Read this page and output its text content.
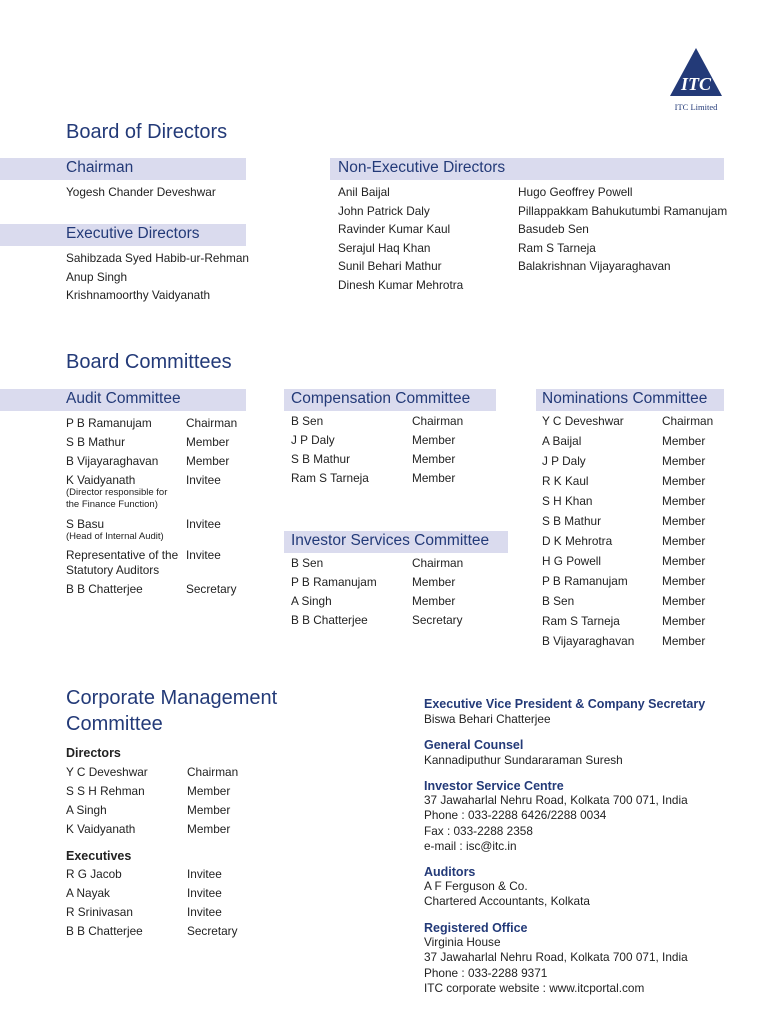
ITC
ITC Limited
Board of Directors
Chairman
Yogesh Chander Deveshwar
Executive Directors
Sahibzada Syed Habib-ur-Rehman
Anup Singh
Krishnamoorthy Vaidyanath
Non-Executive Directors
Anil Baijal
John Patrick Daly
Ravinder Kumar Kaul
Serajul Haq Khan
Sunil Behari Mathur
Dinesh Kumar Mehrotra
Hugo Geoffrey Powell
Pillappakkam Bahukutumbi Ramanujam
Basudeb Sen
Ram S Tarneja
Balakrishnan Vijayaraghavan
Board Committees
Audit Committee
P B Ramanujam	Chairman
S B Mathur	Member
B Vijayaraghavan Member
K Vaidyanath	Invitee
(Director responsible for
the Finance Function)
S Basu	Invitee
(Head of Internal Audit)
Representative of the
Statutory Auditors
Invitee
B B Chatterjee	Secretary
Compensation Committee
B Sen	Chairman
J P Daly	Member
S B Mathur	Member
Ram S Tarneja	Member
Investor Services Committee
B Sen	Chairman
P B Ramanujam	Member
A Singh	Member
B B Chatterjee	Secretary
Nominations Committee
Y C Deveshwar	Chairman
A Baijal	Member
J P Daly	Member
R K Kaul	Member
S H Khan	Member
S B Mathur	Member
D K Mehrotra	Member
H G Powell	Member
P B Ramanujam	Member
B Sen	Member
Ram S Tarneja	Member
B Vijayaraghavan	Member
Corporate Management
Committee
Directors
Y C Deveshwar	Chairman
S S H Rehman	Member
A Singh	Member
K Vaidyanath	Member
Executives
R G Jacob	Invitee
A Nayak	Invitee
R Srinivasan	Invitee
B B Chatterjee	Secretary
Executive Vice President & Company Secretary
Biswa Behari Chatterjee
General Counsel
Kannadiputhur Sundararaman Suresh
Investor Service Centre
37 Jawaharlal Nehru Road, Kolkata 700 071, India
Phone : 033-2288 6426/2288 0034
Fax : 033-2288 2358
e-mail : isc@itc.in
Auditors
A F Ferguson & Co.
Chartered Accountants, Kolkata
Registered Office
Virginia House
37 Jawaharlal Nehru Road, Kolkata 700 071, India
Phone : 033-2288 9371
ITC corporate website : www.itcportal.com
